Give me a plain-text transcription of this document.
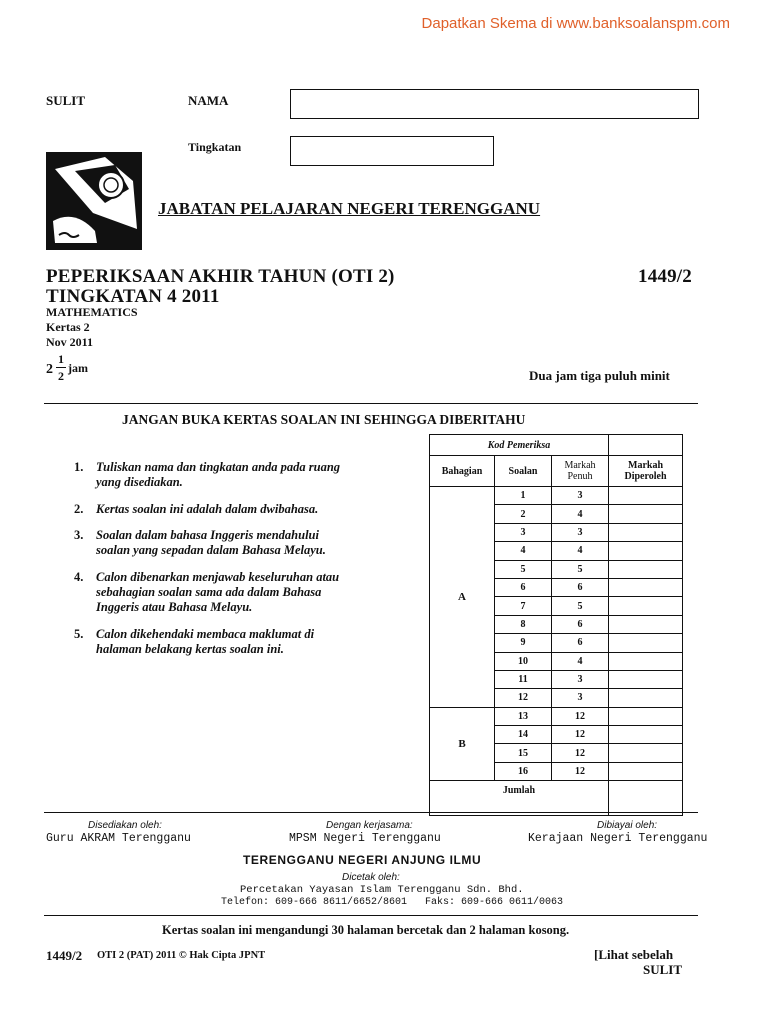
Dapatkan Skema di www.banksoalanspm.com
SULIT	NAMA
Tingkatan
JABATAN PELAJARAN NEGERI TERENGGANU
PEPERIKSAAN AKHIR TAHUN (OTI 2)	1449/2
TINGKATAN 4 2011
MATHEMATICS
Kertas 2
Nov 2011
2
1
2
jam	Dua jam tiga puluh minit
JANGAN BUKA KERTAS SOALAN INI SEHINGGA DIBERITAHU
1. Tuliskan nama dan tingkatan anda pada ruang yang disediakan.
2. Kertas soalan ini adalah dalam dwibahasa.
3. Soalan dalam bahasa Inggeris mendahului soalan yang sepadan dalam Bahasa Melayu.
4. Calon dibenarkan menjawab keseluruhan atau sebahagian soalan sama ada dalam Bahasa Inggeris atau Bahasa Melayu.
5. Calon dikehendaki membaca maklumat di halaman belakang kertas soalan ini.
Kod Pemeriksa			
Bahagian	Soalan	Markah Penuh	Markah Diperoleh
A	1	3	
	2	4	
	3	3	
	4	4	
	5	5	
	6	6	
	7	5	
	8	6	
	9	6	
	10	4	
	11	3	
	12	3	
B	13	12	
	14	12	
	15	12	
	16	12	
Jumlah			
Disediakan oleh:
Guru AKRAM Terengganu
Dengan kerjasama:
MPSM Negeri Terengganu
Dibiayai oleh:
Kerajaan Negeri Terengganu
TERENGGANU NEGERI ANJUNG ILMU
Dicetak oleh:
Percetakan Yayasan Islam Terengganu Sdn. Bhd.
Telefon: 609-666 8611/6652/8601   Faks: 609-666 0611/0063
Kertas soalan ini mengandungi 30 halaman bercetak dan 2 halaman kosong.
1449/2 OTI 2 (PAT) 2011 © Hak Cipta JPNT	[Lihat sebelah
SULIT
